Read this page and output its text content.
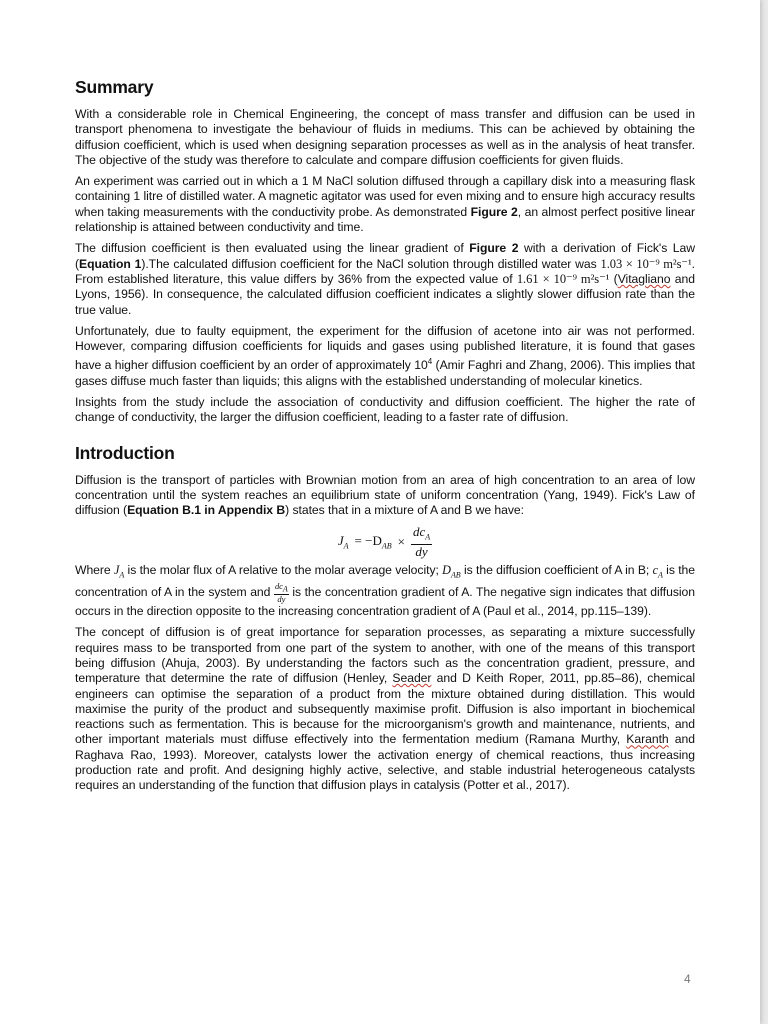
Summary

With a considerable role in Chemical Engineering, the concept of mass transfer and diffusion can be used in transport phenomena to investigate the behaviour of fluids in mediums. This can be achieved by obtaining the diffusion coefficient, which is used when designing separation processes as well as in the analysis of heat transfer. The objective of the study was therefore to calculate and compare diffusion coefficients for given fluids.

An experiment was carried out in which a 1 M NaCl solution diffused through a capillary disk into a measuring flask containing 1 litre of distilled water. A magnetic agitator was used for even mixing and to ensure high accuracy results when taking measurements with the conductivity probe. As demonstrated Figure 2, an almost perfect positive linear relationship is attained between conductivity and time.

The diffusion coefficient is then evaluated using the linear gradient of Figure 2 with a derivation of Fick's Law (Equation 1).The calculated diffusion coefficient for the NaCl solution through distilled water was 1.03 × 10⁻⁹ m²s⁻¹. From established literature, this value differs by 36% from the expected value of 1.61 × 10⁻⁹ m²s⁻¹ (Vitagliano and Lyons, 1956). In consequence, the calculated diffusion coefficient indicates a slightly slower diffusion rate than the true value.

Unfortunately, due to faulty equipment, the experiment for the diffusion of acetone into air was not performed. However, comparing diffusion coefficients for liquids and gases using published literature, it is found that gases have a higher diffusion coefficient by an order of approximately $10^4$ (Amir Faghri and Zhang, 2006). This implies that gases diffuse much faster than liquids; this aligns with the established understanding of molecular kinetics.

Insights from the study include the association of conductivity and diffusion coefficient. The higher the rate of change of conductivity, the larger the diffusion coefficient, leading to a faster rate of diffusion.

Introduction

Diffusion is the transport of particles with Brownian motion from an area of high concentration to an area of low concentration until the system reaches an equilibrium state of uniform concentration (Yang, 1949). Fick's Law of diffusion (Equation B.1 in Appendix B) states that in a mixture of A and B we have:

$J_A = -D_{AB} \times \frac{dc_A}{dy}$

Where $J_A$ is the molar flux of A relative to the molar average velocity; $D_{AB}$ is the diffusion coefficient of A in B; $c_A$ is the concentration of A in the system and $dc_A$
dy is the concentration gradient of A. The negative sign indicates that diffusion occurs in the direction opposite to the increasing concentration gradient of A (Paul et al., 2014, pp.115–139).

The concept of diffusion is of great importance for separation processes, as separating a mixture successfully requires mass to be transported from one part of the system to another, with one of the means of this transport being diffusion (Ahuja, 2003). By understanding the factors such as the concentration gradient, pressure, and temperature that determine the rate of diffusion (Henley, Seader and D Keith Roper, 2011, pp.85–86), chemical engineers can optimise the separation of a product from the mixture obtained during distillation. This would maximise the purity of the product and subsequently maximise profit. Diffusion is also important in biochemical reactions such as fermentation. This is because for the microorganism's growth and maintenance, nutrients, and other important materials must diffuse effectively into the fermentation medium (Ramana Murthy, Karanth and Raghava Rao, 1993). Moreover, catalysts lower the activation energy of chemical reactions, thus increasing production rate and profit. And designing highly active, selective, and stable industrial heterogeneous catalysts requires an understanding of the function that diffusion plays in catalysis (Potter et al., 2017).

4
